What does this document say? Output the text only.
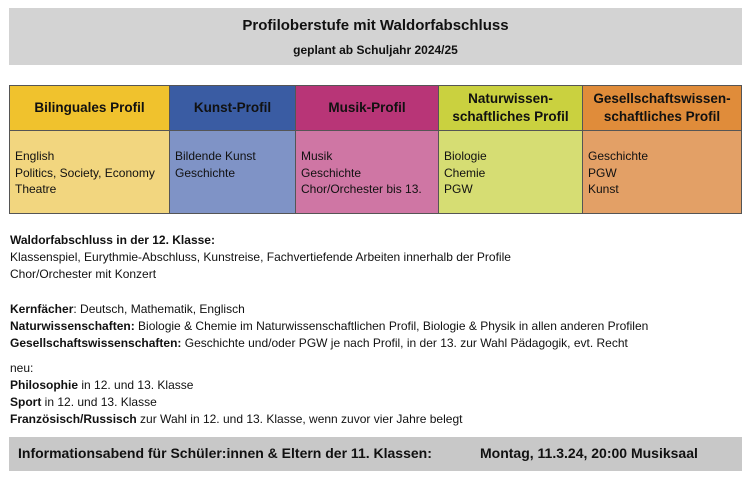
Profiloberstufe mit Waldorfabschluss
geplant ab Schuljahr 2024/25
Bilinguales Profil
English
Politics, Society, Economy
Theatre
Kunst-Profil
Bildende Kunst
Geschichte
Musik-Profil
Musik
Geschichte
Chor/Orchester bis 13.
Naturwissen-
schaftliches Profil
Biologie
Chemie
PGW
Gesellschaftswissen-
schaftliches Profil
Geschichte
PGW
Kunst
Waldorfabschluss in der 12. Klasse:
Klassenspiel, Eurythmie-Abschluss, Kunstreise, Fachvertiefende Arbeiten innerhalb der Profile
Chor/Orchester mit Konzert
Kernfächer: Deutsch, Mathematik, Englisch
Naturwissenschaften: Biologie & Chemie im Naturwissenschaftlichen Profil, Biologie & Physik in allen anderen Profilen
Gesellschaftswissenschaften: Geschichte und/oder PGW je nach Profil, in der 13. zur Wahl Pädagogik, evt. Recht
neu:
Philosophie in 12. und 13. Klasse
Sport in 12. und 13. Klasse
Französisch/Russisch zur Wahl in 12. und 13. Klasse, wenn zuvor vier Jahre belegt
Informationsabend für Schüler:innen & Eltern der 11. Klassen:	Montag, 11.3.24, 20:00 Musiksaal
